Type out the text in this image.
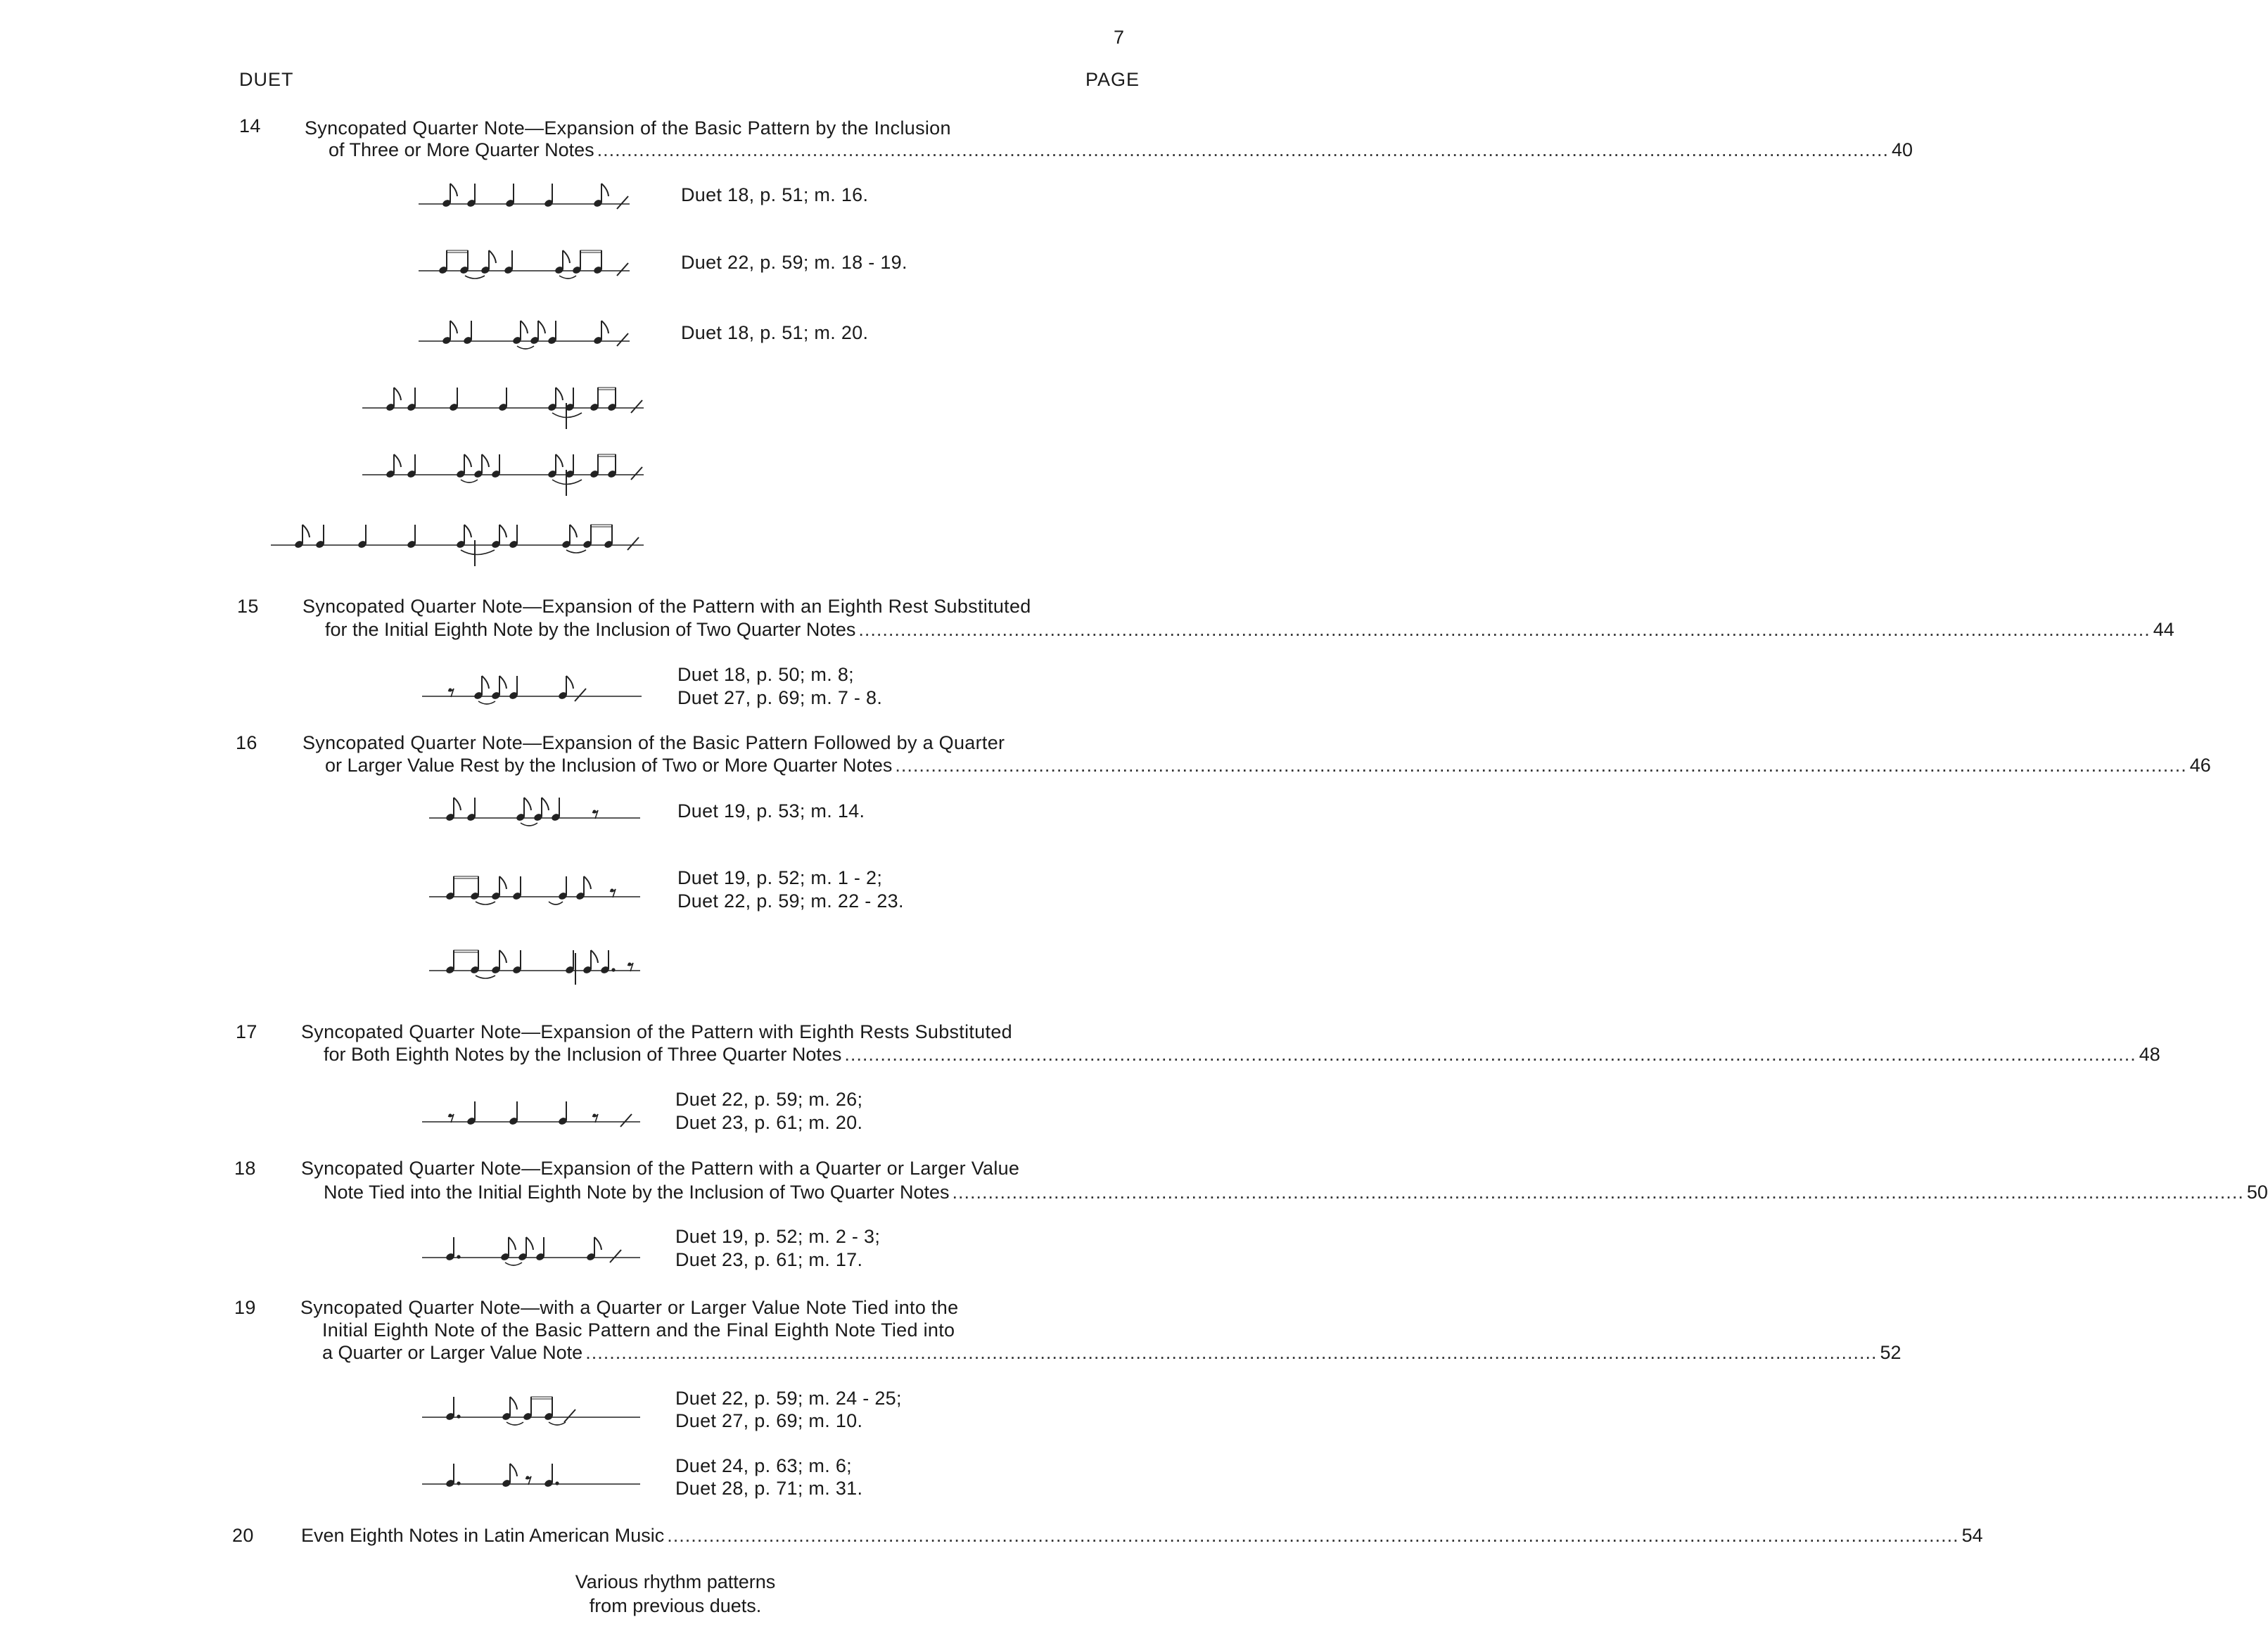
7
DUET	PAGE
14 Syncopated Quarter Note—Expansion of the Basic Pattern by the Inclusion
of Three or More Quarter Notes ........................................................................................................................................................................................................................ 40
Duet 18, p. 51; m. 16.
Duet 22, p. 59; m. 18 - 19.
Duet 18, p. 51; m. 20.
15 Syncopated Quarter Note—Expansion of the Pattern with an Eighth Rest Substituted
for the Initial Eighth Note by the Inclusion of Two Quarter Notes ........................................................................................................................................................................................................................ 44
Duet 18, p. 50; m. 8;
Duet 27, p. 69; m. 7 - 8.
16 Syncopated Quarter Note—Expansion of the Basic Pattern Followed by a Quarter
or Larger Value Rest by the Inclusion of Two or More Quarter Notes ........................................................................................................................................................................................................................ 46
Duet 19, p. 53; m. 14.
Duet 19, p. 52; m. 1 - 2;
Duet 22, p. 59; m. 22 - 23.
17 Syncopated Quarter Note—Expansion of the Pattern with Eighth Rests Substituted
for Both Eighth Notes by the Inclusion of Three Quarter Notes ........................................................................................................................................................................................................................ 48
Duet 22, p. 59; m. 26;
Duet 23, p. 61; m. 20.
18 Syncopated Quarter Note—Expansion of the Pattern with a Quarter or Larger Value
Note Tied into the Initial Eighth Note by the Inclusion of Two Quarter Notes ........................................................................................................................................................................................................................ 50
Duet 19, p. 52; m. 2 - 3;
Duet 23, p. 61; m. 17.
19 Syncopated Quarter Note—with a Quarter or Larger Value Note Tied into the
Initial Eighth Note of the Basic Pattern and the Final Eighth Note Tied into
a Quarter or Larger Value Note ........................................................................................................................................................................................................................ 52
Duet 22, p. 59; m. 24 - 25;
Duet 27, p. 69; m. 10.
Duet 24, p. 63; m. 6;
Duet 28, p. 71; m. 31.
20 Even Eighth Notes in Latin American Music ........................................................................................................................................................................................................................ 54
Various rhythm patterns
from previous duets.
